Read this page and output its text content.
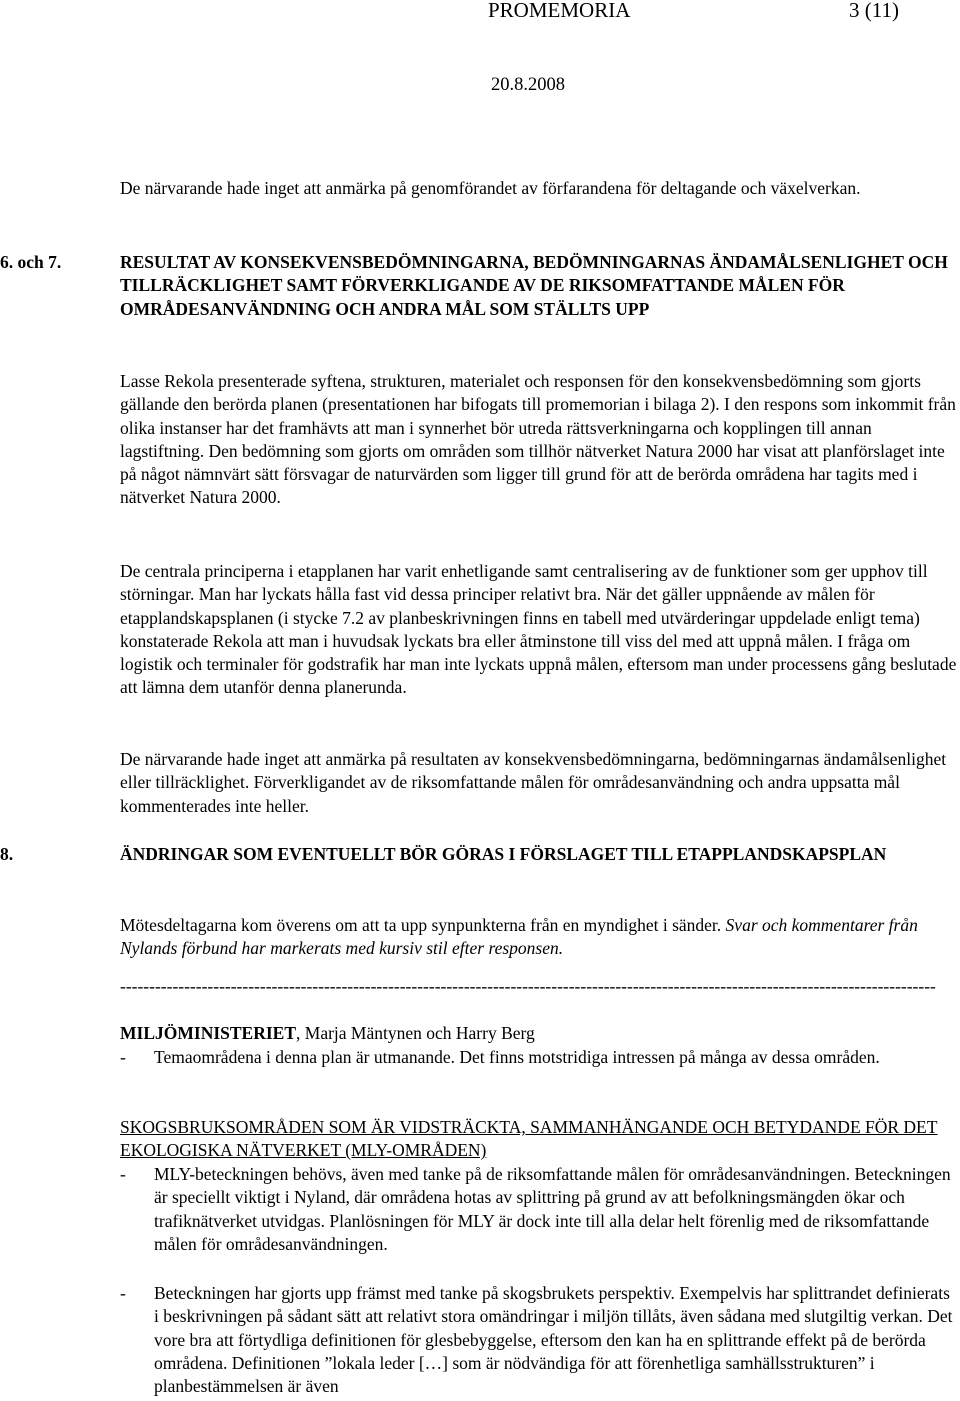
PROMEMORIA	3 (11)
20.8.2008
De närvarande hade inget att anmärka på genomförandet av förfarandena för deltagande och växelverkan.
6. och 7.	RESULTAT AV KONSEKVENSBEDÖMNINGARNA, BEDÖMNINGARNAS ÄNDAMÅLSENLIGHET OCH TILLRÄCKLIGHET SAMT FÖRVERKLIGANDE AV DE RIKSOMFATTANDE MÅLEN FÖR OMRÅDESANVÄNDNING OCH ANDRA MÅL SOM STÄLLTS UPP
Lasse Rekola presenterade syftena, strukturen, materialet och responsen för den konsekvensbedömning som gjorts gällande den berörda planen (presentationen har bifogats till promemorian i bilaga 2). I den respons som inkommit från olika instanser har det framhävts att man i synnerhet bör utreda rättsverkningarna och kopplingen till annan lagstiftning. Den bedömning som gjorts om områden som tillhör nätverket Natura 2000 har visat att planförslaget inte på något nämnvärt sätt försvagar de naturvärden som ligger till grund för att de berörda områdena har tagits med i nätverket Natura 2000.
De centrala principerna i etapplanen har varit enhetligande samt centralisering av de funktioner som ger upphov till störningar. Man har lyckats hålla fast vid dessa principer relativt bra. När det gäller uppnående av målen för etapplandskapsplanen (i stycke 7.2 av planbeskrivningen finns en tabell med utvärderingar uppdelade enligt tema) konstaterade Rekola att man i huvudsak lyckats bra eller åtminstone till viss del med att uppnå målen. I fråga om logistik och terminaler för godstrafik har man inte lyckats uppnå målen, eftersom man under processens gång beslutade att lämna dem utanför denna planerunda.
De närvarande hade inget att anmärka på resultaten av konsekvensbedömningarna, bedömningarnas ändamålsenlighet eller tillräcklighet. Förverkligandet av de riksomfattande målen för områdesanvändning och andra uppsatta mål kommenterades inte heller.
8.	ÄNDRINGAR SOM EVENTUELLT BÖR GÖRAS I FÖRSLAGET TILL ETAPPLANDSKAPSPLAN
Mötesdeltagarna kom överens om att ta upp synpunkterna från en myndighet i sänder. Svar och kommentarer från Nylands förbund har markerats med kursiv stil efter responsen.
--------------------------------------------------------------------------------------------------------------------------------------------
MILJÖMINISTERIET, Marja Mäntynen och Harry Berg
- Temaområdena i denna plan är utmanande. Det finns motstridiga intressen på många av dessa områden.
SKOGSBRUKSOMRÅDEN SOM ÄR VIDSTRÄCKTA, SAMMANHÄNGANDE OCH BETYDANDE FÖR DET EKOLOGISKA NÄTVERKET (MLY-OMRÅDEN)
- MLY-beteckningen behövs, även med tanke på de riksomfattande målen för områdesanvändningen. Beteckningen är speciellt viktigt i Nyland, där områdena hotas av splittring på grund av att befolkningsmängden ökar och trafiknätverket utvidgas. Planlösningen för MLY är dock inte till alla delar helt förenlig med de riksomfattande målen för områdesanvändningen.
- Beteckningen har gjorts upp främst med tanke på skogsbrukets perspektiv. Exempelvis har splittrandet definierats i beskrivningen på sådant sätt att relativt stora omändringar i miljön tillåts, även sådana med slutgiltig verkan. Det vore bra att förtydliga definitionen för glesbebyggelse, eftersom den kan ha en splittrande effekt på de berörda områdena. Definitionen ”lokala leder […] som är nödvändiga för att förenhetliga samhällsstrukturen” i planbestämmelsen är även
